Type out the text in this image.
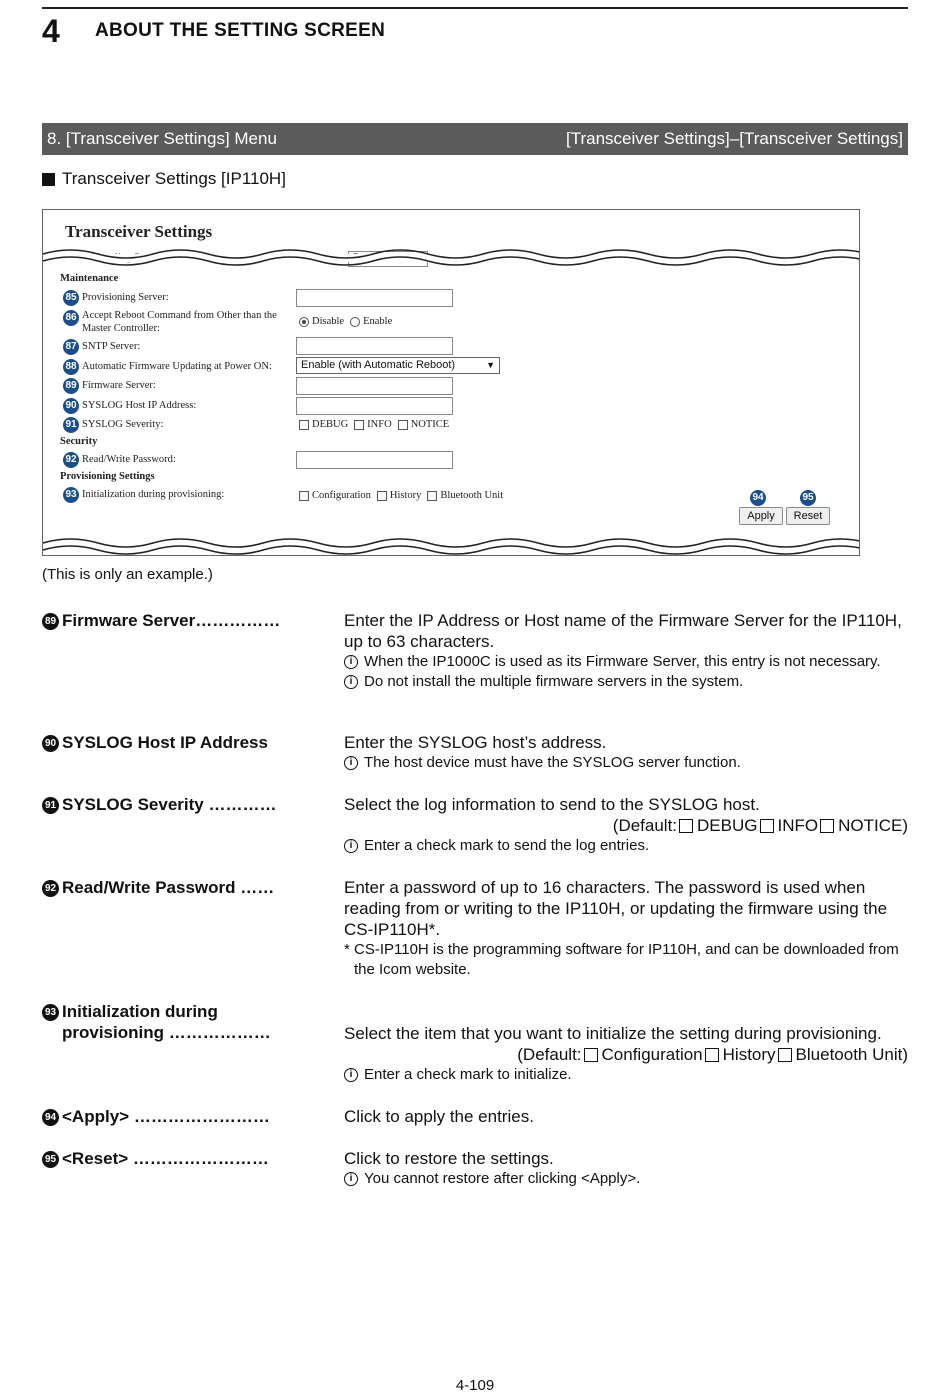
4 ABOUT THE SETTING SCREEN
8. [Transceiver Settings] Menu	[Transceiver Settings]–[Transceiver Settings]
Transceiver Settings [IP110H]
Transceiver Settings
Maintenance
85 Provisioning Server:
86 Accept Reboot Command from Other than the Master Controller:
Disable Enable
87 SNTP Server:
88 Automatic Firmware Updating at Power ON:	Enable (with Automatic Reboot)	▼
89 Firmware Server:
90 SYSLOG Host IP Address:
91 SYSLOG Severity:	DEBUG INFO NOTICE
Security
92 Read/Write Password:
Provisioning Settings
93 Initialization during provisioning:	Configuration History Bluetooth Unit	94	95
Apply	Reset
(This is only an example.)
89 Firmware Server……………	Enter the IP Address or Host name of the Firmware Server for the IP110H, up to 63 characters.
i When the IP1000C is used as its Firmware Server, this entry is not necessary.
i Do not install the multiple firmware servers in the system.
90 SYSLOG Host IP Address	Enter the SYSLOG host’s address.
i The host device must have the SYSLOG server function.
91 SYSLOG Severity …………	Select the log information to send to the SYSLOG host.
(Default: DEBUG INFO NOTICE)
i Enter a check mark to send the log entries.
92 Read/Write Password ……	Enter a password of up to 16 characters. The password is used when reading from or writing to the IP110H, or updating the firmware using the CS-IP110H*.
* CS-IP110H is the programming software for IP110H, and can be downloaded from the Icom website.
93 Initialization during
provisioning ………………	Select the item that you want to initialize the setting during provisioning.
(Default: Configuration History Bluetooth Unit)
i Enter a check mark to initialize.
94 <Apply> ……………………	Click to apply the entries.
95 <Reset> ……………………	Click to restore the settings.
i You cannot restore after clicking <Apply>.
4-109
